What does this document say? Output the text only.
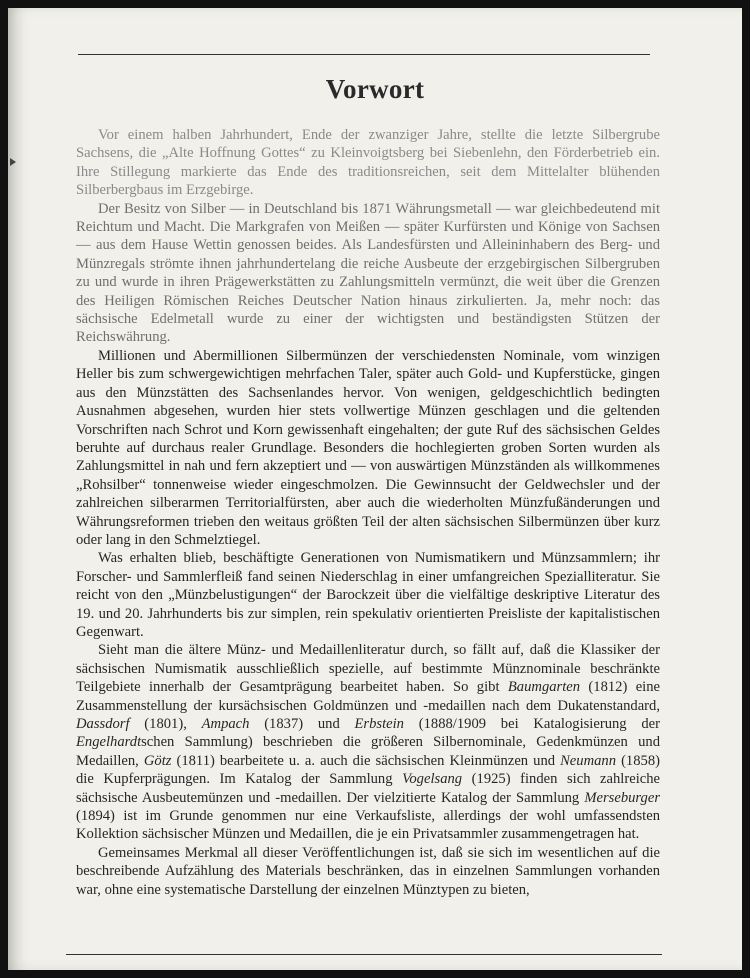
Vorwort

Vor einem halben Jahrhundert, Ende der zwanziger Jahre, stellte die letzte Silbergrube Sachsens, die „Alte Hoffnung Gottes“ zu Kleinvoigtsberg bei Siebenlehn, den Förderbetrieb ein. Ihre Stillegung markierte das Ende des traditionsreichen, seit dem Mittelalter blühenden Silberbergbaus im Erzgebirge.

Der Besitz von Silber — in Deutschland bis 1871 Währungsmetall — war gleichbedeutend mit Reichtum und Macht. Die Markgrafen von Meißen — später Kurfürsten und Könige von Sachsen — aus dem Hause Wettin genossen beides. Als Landesfürsten und Alleininhabern des Berg- und Münzregals strömte ihnen jahrhundertelang die reiche Ausbeute der erzgebirgischen Silbergruben zu und wurde in ihren Prägewerkstätten zu Zahlungsmitteln vermünzt, die weit über die Grenzen des Heiligen Römischen Reiches Deutscher Nation hinaus zirkulierten. Ja, mehr noch: das sächsische Edelmetall wurde zu einer der wichtigsten und beständigsten Stützen der Reichswährung.

Millionen und Abermillionen Silbermünzen der verschiedensten Nominale, vom winzigen Heller bis zum schwergewichtigen mehrfachen Taler, später auch Gold- und Kupferstücke, gingen aus den Münzstätten des Sachsenlandes hervor. Von wenigen, geldgeschichtlich bedingten Ausnahmen abgesehen, wurden hier stets vollwertige Münzen geschlagen und die geltenden Vorschriften nach Schrot und Korn gewissenhaft eingehalten; der gute Ruf des sächsischen Geldes beruhte auf durchaus realer Grundlage. Besonders die hochlegierten groben Sorten wurden als Zahlungsmittel in nah und fern akzeptiert und — von auswärtigen Münzständen als willkommenes „Rohsilber“ tonnenweise wieder eingeschmolzen. Die Gewinnsucht der Geldwechsler und der zahlreichen silberarmen Territorialfürsten, aber auch die wiederholten Münzfußänderungen und Währungsreformen trieben den weitaus größten Teil der alten sächsischen Silbermünzen über kurz oder lang in den Schmelztiegel.

Was erhalten blieb, beschäftigte Generationen von Numismatikern und Münzsammlern; ihr Forscher- und Sammlerfleiß fand seinen Niederschlag in einer umfangreichen Spezialliteratur. Sie reicht von den „Münzbelustigungen“ der Barockzeit über die vielfältige deskriptive Literatur des 19. und 20. Jahrhunderts bis zur simplen, rein spekulativ orientierten Preisliste der kapitalistischen Gegenwart.

Sieht man die ältere Münz- und Medaillenliteratur durch, so fällt auf, daß die Klassiker der sächsischen Numismatik ausschließlich spezielle, auf bestimmte Münznominale beschränkte Teilgebiete innerhalb der Gesamtprägung bearbeitet haben. So gibt Baumgarten (1812) eine Zusammenstellung der kursächsischen Goldmünzen und -medaillen nach dem Dukatenstandard, Dassdorf (1801), Ampach (1837) und Erbstein (1888/1909 bei Katalogisierung der Engelhardtschen Sammlung) beschrieben die größeren Silbernominale, Gedenkmünzen und Medaillen, Götz (1811) bearbeitete u. a. auch die sächsischen Kleinmünzen und Neumann (1858) die Kupferprägungen. Im Katalog der Sammlung Vogelsang (1925) finden sich zahlreiche sächsische Ausbeutemünzen und -medaillen. Der vielzitierte Katalog der Sammlung Merseburger (1894) ist im Grunde genommen nur eine Verkaufsliste, allerdings der wohl umfassendsten Kollektion sächsischer Münzen und Medaillen, die je ein Privatsammler zusammengetragen hat.

Gemeinsames Merkmal all dieser Veröffentlichungen ist, daß sie sich im wesentlichen auf die beschreibende Aufzählung des Materials beschränken, das in einzelnen Sammlungen vorhanden war, ohne eine systematische Darstellung der einzelnen Münztypen zu bieten,
